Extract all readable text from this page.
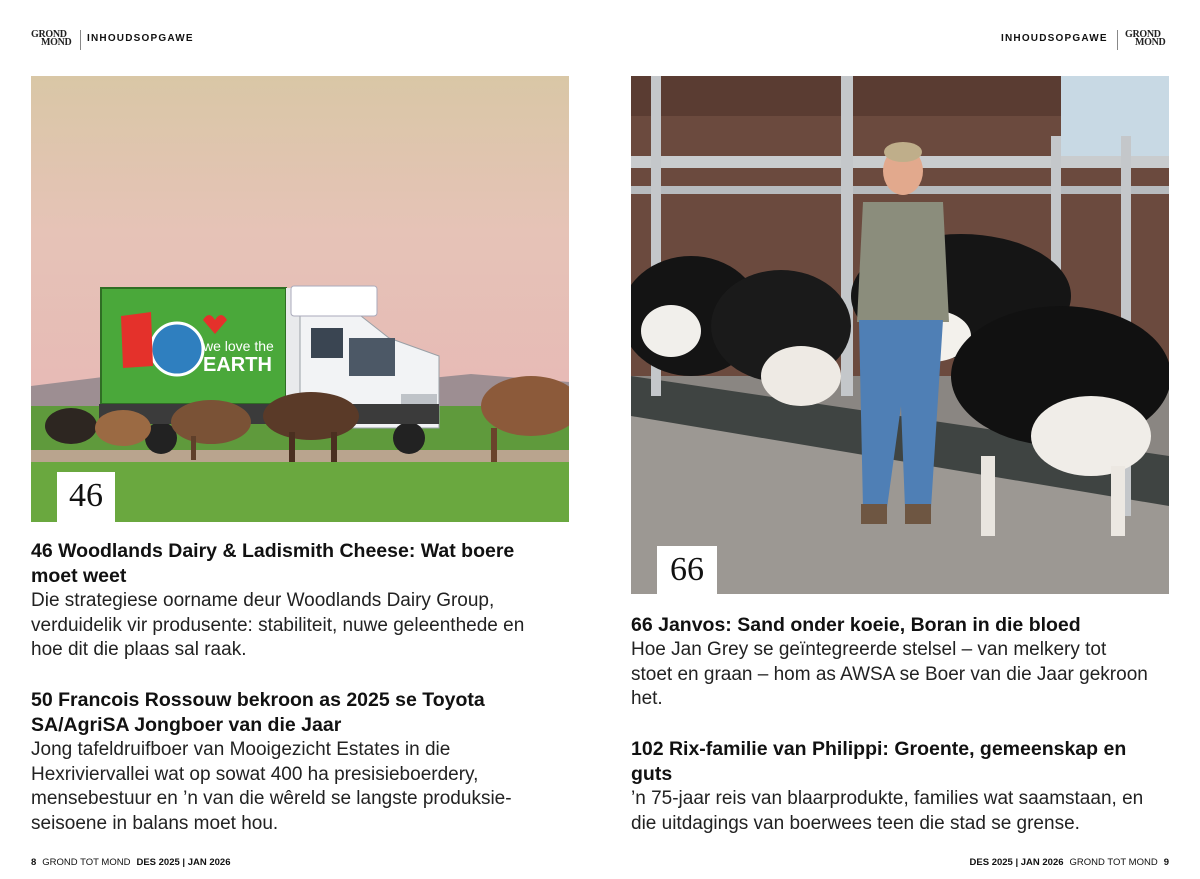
GROND
MOND	INHOUDSOPGAWE	INHOUDSOPGAWE GROND
MOND
we love the
EARTH
46
66
46 Woodlands Dairy & Ladismith Cheese: Wat boere moet weet

Die strategiese oorname deur Woodlands Dairy Group, verduidelik vir produsente: stabiliteit, nuwe geleenthede en hoe dit die plaas sal raak.

50 Francois Rossouw bekroon as 2025 se Toyota SA/AgriSA Jongboer van die Jaar

Jong tafeldruifboer van Mooigezicht Estates in die Hexriviervallei wat op sowat 400 ha presisieboerdery, mensebestuur en ’n van die wêreld se langste produksieseisoene in balans moet hou.

66 Janvos: Sand onder koeie, Boran in die bloed

Hoe Jan Grey se geïntegreerde stelsel – van melkery tot stoet en graan – hom as AWSA se Boer van die Jaar gekroon het.

102 Rix-familie van Philippi: Groente, gemeenskap en guts

’n 75-jaar reis van blaarprodukte, families wat saamstaan, en die uitdagings van boerwees teen die stad se grense.

8 GROND TOT MOND DES 2025 | JAN 2026	DES 2025 | JAN 2026 GROND TOT MOND 9
